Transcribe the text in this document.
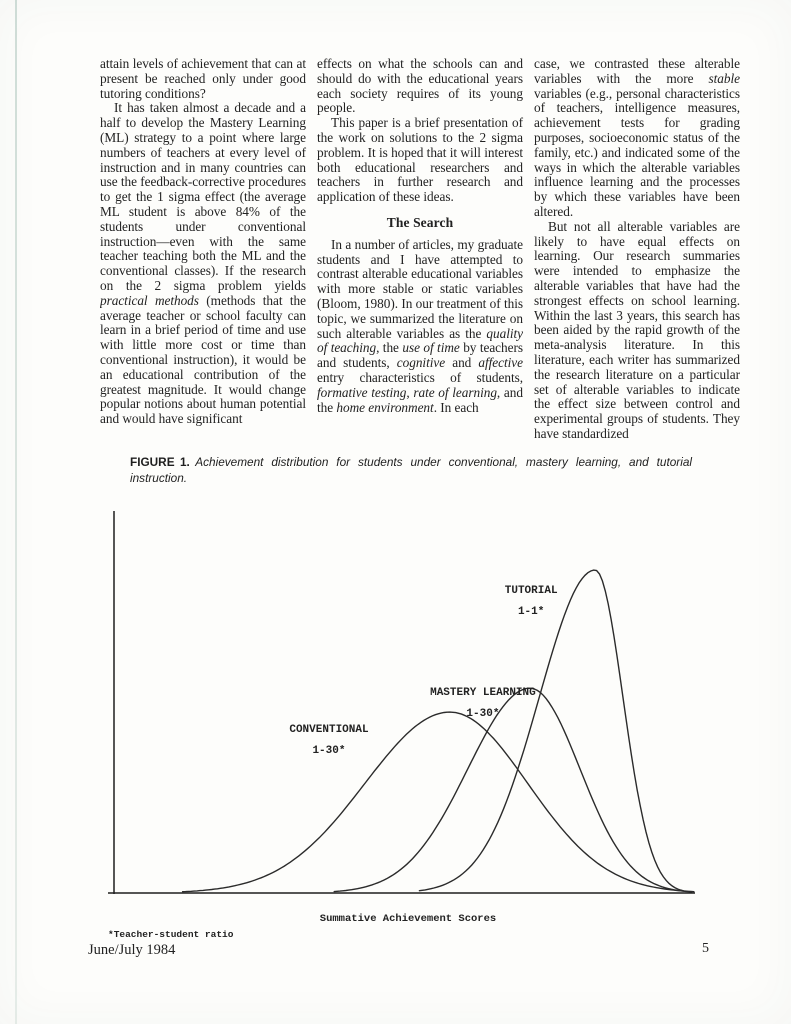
attain levels of achievement that can at present be reached only under good tutoring conditions?

It has taken almost a decade and a half to develop the Mastery Learning (ML) strategy to a point where large numbers of teachers at every level of instruction and in many countries can use the feedback-corrective procedures to get the 1 sigma effect (the average ML student is above 84% of the students under conventional instruction—even with the same teacher teaching both the ML and the conventional classes). If the research on the 2 sigma problem yields practical methods (methods that the average teacher or school faculty can learn in a brief period of time and use with little more cost or time than conventional instruction), it would be an educational contribution of the greatest magnitude. It would change popular notions about human potential and would have significant

effects on what the schools can and should do with the educational years each society requires of its young people.

This paper is a brief presentation of the work on solutions to the 2 sigma problem. It is hoped that it will interest both educational researchers and teachers in further research and application of these ideas.

The Search

In a number of articles, my graduate students and I have attempted to contrast alterable educational variables with more stable or static variables (Bloom, 1980). In our treatment of this topic, we summarized the literature on such alterable variables as the quality of teaching, the use of time by teachers and students, cognitive and affective entry characteristics of students, formative testing, rate of learning, and the home environment. In each

case, we contrasted these alterable variables with the more stable variables (e.g., personal characteristics of teachers, intelligence measures, achievement tests for grading purposes, socioeconomic status of the family, etc.) and indicated some of the ways in which the alterable variables influence learning and the processes by which these variables have been altered.

But not all alterable variables are likely to have equal effects on learning. Our research summaries were intended to emphasize the alterable variables that have had the strongest effects on school learning. Within the last 3 years, this search has been aided by the rapid growth of the meta-analysis literature. In this literature, each writer has summarized the research literature on a particular set of alterable variables to indicate the effect size between control and experimental groups of students. They have standardized

FIGURE 1. Achievement distribution for students under conventional, mastery learning, and tutorial instruction.
CONVENTIONAL 1-30*
MASTERY LEARNING 1-30*
TUTORIAL 1-1*
Summative Achievement Scores
*Teacher-student ratio
June/July 1984	5
